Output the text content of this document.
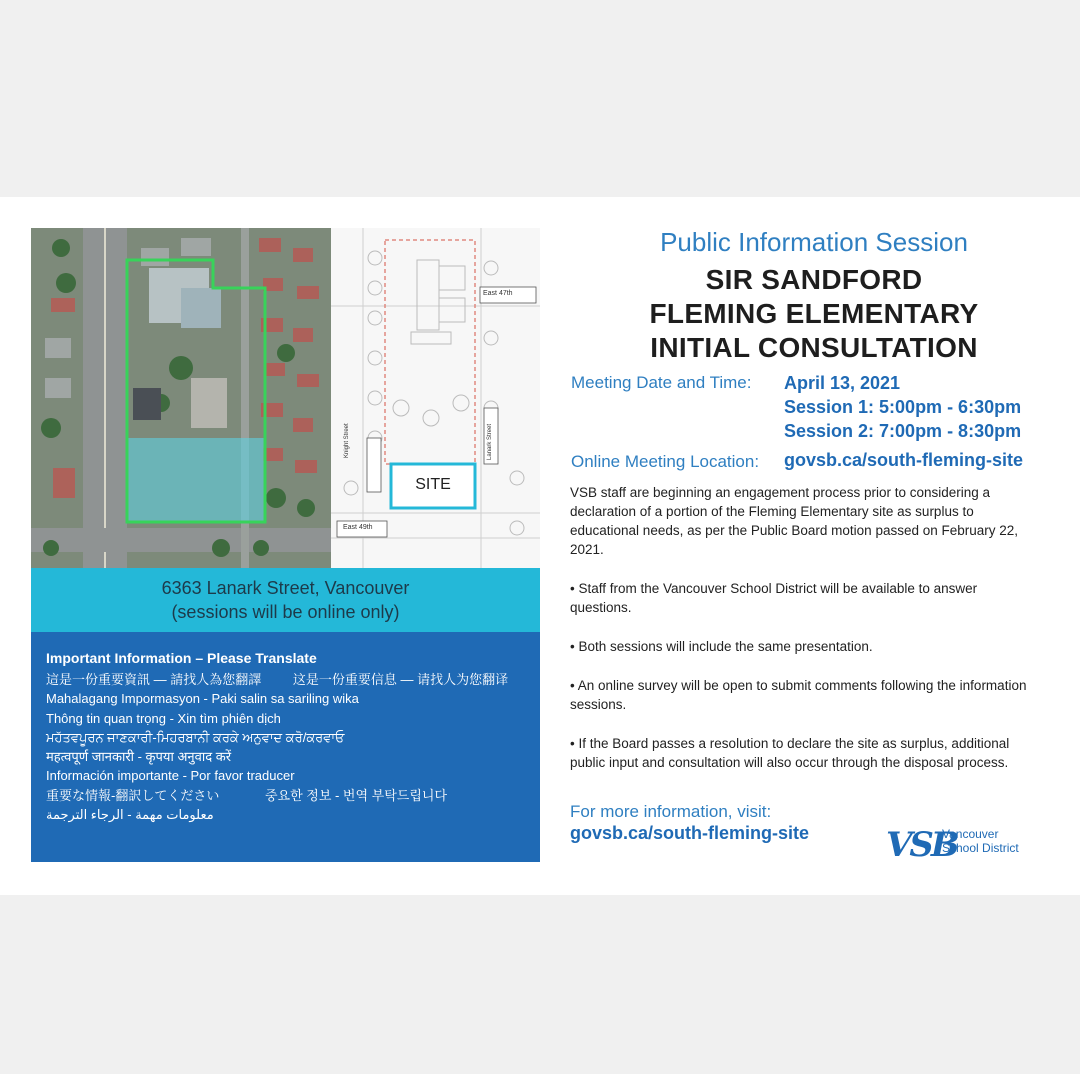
East 47th
East 49th
Knight Street	Lanark Street
SITE
6363 Lanark Street, Vancouver
(sessions will be online only)
Important Information – Please Translate
這是一份重要資訊 — 請找人為您翻譯 这是一份重要信息 — 请找人为您翻译
Mahalagang Impormasyon - Paki salin sa sariling wika
Thông tin quan trọng - Xin tìm phiên dịch
ਮਹੱਤਵਪੂਰਨ ਜਾਣਕਾਰੀ-ਮਿਹਰਬਾਨੀ ਕਰਕੇ ਅਨੁਵਾਦ ਕਰੋ/ਕਰਵਾਓ
महत्वपूर्ण जानकारी - कृपया अनुवाद करें
Información importante - Por favor traducer
重要な情報-翻訳してください	중요한 정보 - 번역 부탁드립니다
معلومات مهمة - الرجاء الترجمة
Public Information Session
SIR SANDFORD
FLEMING ELEMENTARY
INITIAL CONSULTATION
Meeting Date and Time: April 13, 2021
Session 1: 5:00pm - 6:30pm
Session 2: 7:00pm - 8:30pm
Online Meeting Location: govsb.ca/south-fleming-site

VSB staff are beginning an engagement process prior to considering a declaration of a portion of the Fleming Elementary site as surplus to educational needs, as per the Public Board motion passed on February 22, 2021.

• Staff from the Vancouver School District will be available to answer questions.

• Both sessions will include the same presentation.

• An online survey will be open to submit comments following the information sessions.

• If the Board passes a resolution to declare the site as surplus, additional public input and consultation will also occur through the disposal process.

For more information, visit:
govsb.ca/south-fleming-site VSB
Vancouver
School District
